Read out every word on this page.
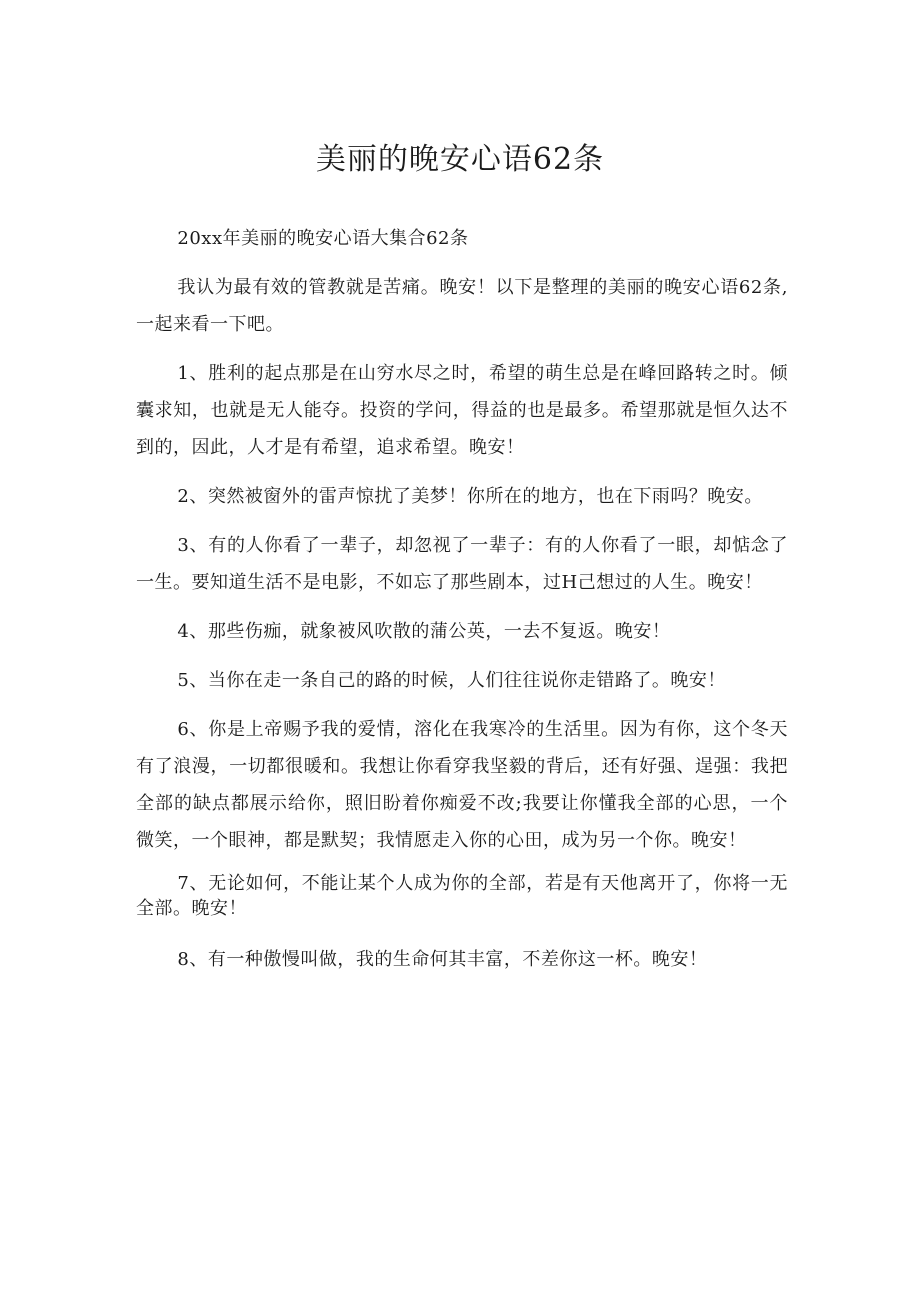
美丽的晚安心语62条

20xx年美丽的晚安心语大集合62条

我认为最有效的管教就是苦痛。晚安！以下是整理的美丽的晚安心语62条,一起来看一下吧。

1、胜利的起点那是在山穷水尽之时，希望的萌生总是在峰回路转之时。倾囊求知，也就是无人能夺。投资的学问，得益的也是最多。希望那就是恒久达不到的，因此，人才是有希望，追求希望。晚安！

2、突然被窗外的雷声惊扰了美梦！你所在的地方，也在下雨吗？晚安。

3、有的人你看了一辈子，却忽视了一辈子：有的人你看了一眼，却惦念了一生。要知道生活不是电影，不如忘了那些剧本，过H己想过的人生。晚安！

4、那些伤痂，就象被风吹散的蒲公英，一去不复返。晚安！

5、当你在走一条自己的路的时候，人们往往说你走错路了。晚安！

6、你是上帝赐予我的爱情，溶化在我寒冷的生活里。因为有你，这个冬天有了浪漫，一切都很暖和。我想让你看穿我坚毅的背后，还有好强、逞强：我把全部的缺点都展示给你，照旧盼着你痴爱不改;我要让你懂我全部的心思，一个微笑，一个眼神，都是默契；我情愿走入你的心田，成为另一个你。晚安！

7、无论如何，不能让某个人成为你的全部，若是有天他离开了，你将一无全部。晚安！

8、有一种傲慢叫做，我的生命何其丰富，不差你这一杯。晚安！
